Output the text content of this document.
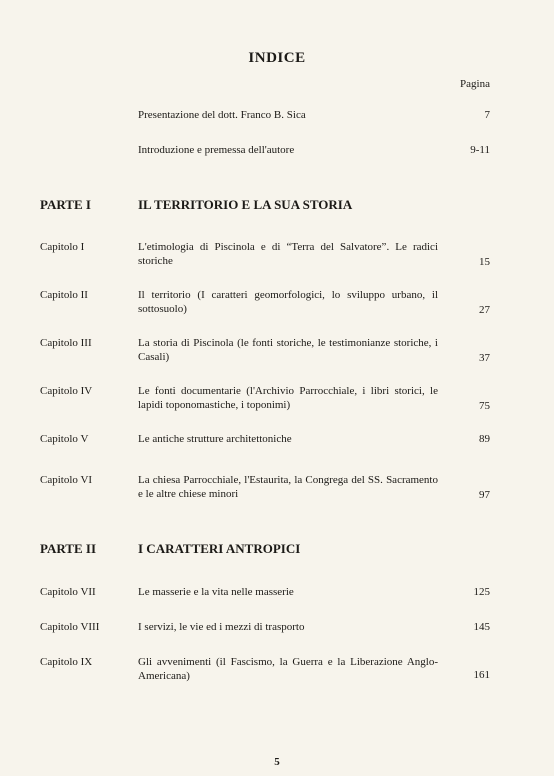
INDICE
Pagina
Presentazione del dott. Franco B. Sica	7
Introduzione e premessa dell'autore	9-11
PARTE I	IL TERRITORIO E LA SUA STORIA
Capitolo I	L'etimologia di Piscinola e di “Terra del Salvatore”. Le radici storiche	15
Capitolo II	Il territorio (I caratteri geomorfologici, lo sviluppo urbano, il sottosuolo)	27
Capitolo III	La storia di Piscinola (le fonti storiche, le testimonianze storiche, i Casali)	37
Capitolo IV	Le fonti documentarie (l'Archivio Parrocchiale, i libri storici, le lapidi toponomastiche, i toponimi)	75
Capitolo V	Le antiche strutture architettoniche	89
Capitolo VI	La chiesa Parrocchiale, l'Estaurita, la Congrega del SS. Sacramento e le altre chiese minori	97
PARTE II	I CARATTERI ANTROPICI
Capitolo VII	Le masserie e la vita nelle masserie	125
Capitolo VIII	I servizi, le vie ed i mezzi di trasporto	145
Capitolo IX	Gli avvenimenti (il Fascismo, la Guerra e la Liberazione Anglo-Americana)	161
5
